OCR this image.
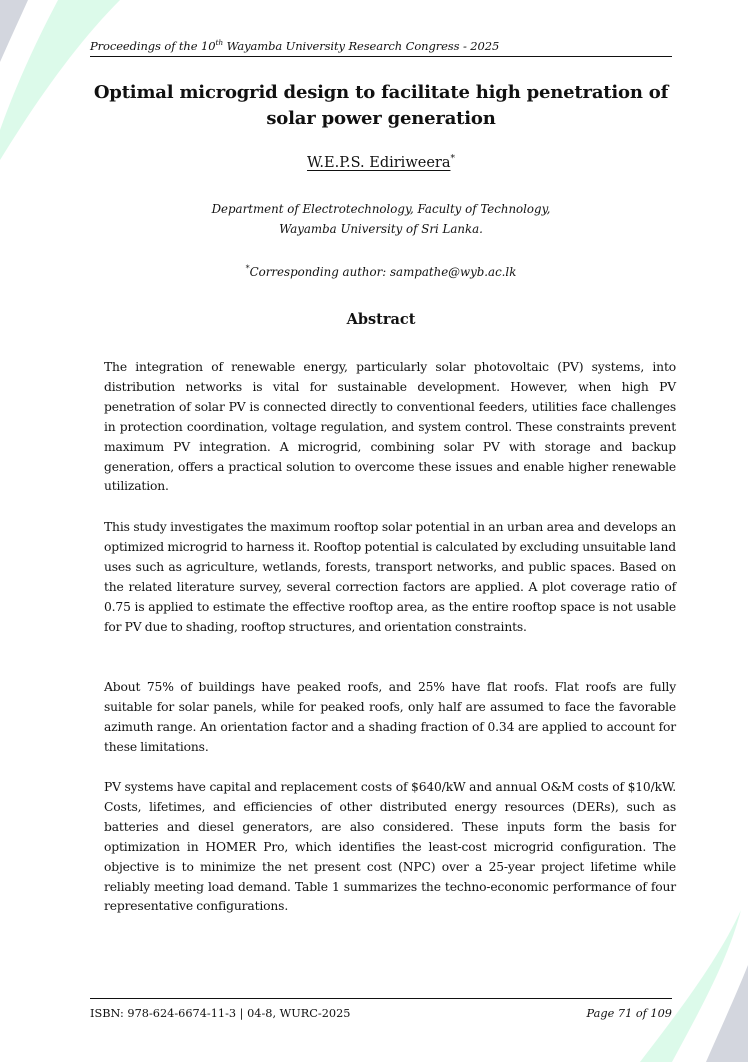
Proceedings of the 10th Wayamba University Research Congress - 2025
Optimal microgrid design to facilitate high penetration of
solar power generation
W.E.P.S. Ediriweera*
Department of Electrotechnology, Faculty of Technology,
Wayamba University of Sri Lanka.
*Corresponding author: sampathe@wyb.ac.lk
Abstract

The integration of renewable energy, particularly solar photovoltaic (PV) systems, into distribution networks is vital for sustainable development. However, when high PV penetration of solar PV is connected directly to conventional feeders, utilities face challenges in protection coordination, voltage regulation, and system control. These constraints prevent maximum PV integration. A microgrid, combining solar PV with storage and backup generation, offers a practical solution to overcome these issues and enable higher renewable utilization.

This study investigates the maximum rooftop solar potential in an urban area and develops an optimized microgrid to harness it. Rooftop potential is calculated by excluding unsuitable land uses such as agriculture, wetlands, forests, transport networks, and public spaces. Based on the related literature survey, several correction factors are applied. A plot coverage ratio of 0.75 is applied to estimate the effective rooftop area, as the entire rooftop space is not usable for PV due to shading, rooftop structures, and orientation constraints.

About 75% of buildings have peaked roofs, and 25% have flat roofs. Flat roofs are fully suitable for solar panels, while for peaked roofs, only half are assumed to face the favorable azimuth range. An orientation factor and a shading fraction of 0.34 are applied to account for these limitations.

PV systems have capital and replacement costs of $640/kW and annual O&M costs of $10/kW. Costs, lifetimes, and efficiencies of other distributed energy resources (DERs), such as batteries and diesel generators, are also considered. These inputs form the basis for optimization in HOMER Pro, which identifies the least-cost microgrid configuration. The objective is to minimize the net present cost (NPC) over a 25-year project lifetime while reliably meeting load demand. Table 1 summarizes the techno-economic performance of four representative configurations.

ISBN: 978-624-6674-11-3 | 04-8, WURC-2025	Page 71 of 109
